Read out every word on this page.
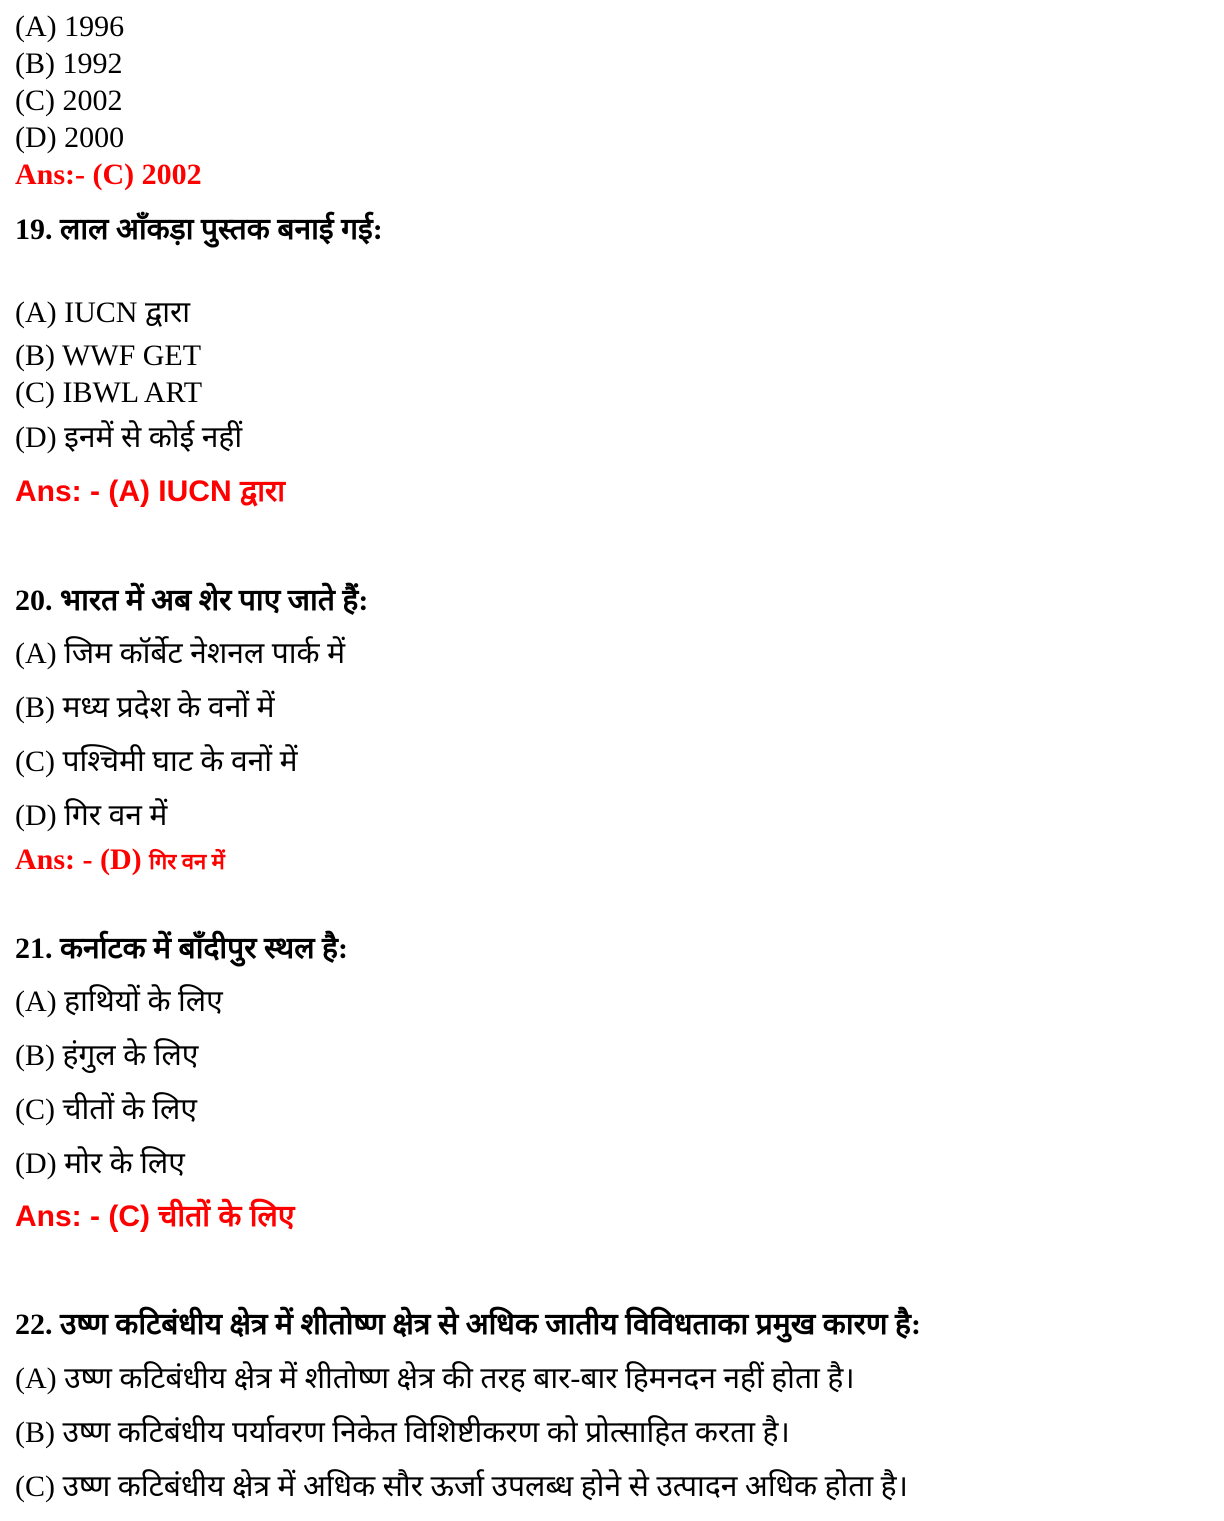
(A) 1996
(B) 1992
(C) 2002
(D) 2000
Ans:- (C) 2002
19. लाल आँकड़ा पुस्तक बनाई गई:
(A) IUCN द्वारा
(B) WWF GET
(C) IBWL ART
(D) इनमें से कोई नहीं
Ans: - (A) IUCN द्वारा
20. भारत में अब शेर पाए जाते हैं:
(A) जिम कॉर्बेट नेशनल पार्क में
(B) मध्य प्रदेश के वनों में
(C) पश्चिमी घाट के वनों में
(D) गिर वन में
Ans: - (D) गिर वन में
21. कर्नाटक में बाँदीपुर स्थल है:
(A) हाथियों के लिए
(B) हंगुल के लिए
(C) चीतों के लिए
(D) मोर के लिए
Ans: - (C) चीतों के लिए
22. उष्ण कटिबंधीय क्षेत्र में शीतोष्ण क्षेत्र से अधिक जातीय विविधताका प्रमुख कारण है:
(A) उष्ण कटिबंधीय क्षेत्र में शीतोष्ण क्षेत्र की तरह बार-बार हिमनदन नहीं होता है।
(B) उष्ण कटिबंधीय पर्यावरण निकेत विशिष्टीकरण को प्रोत्साहित करता है।
(C) उष्ण कटिबंधीय क्षेत्र में अधिक सौर ऊर्जा उपलब्ध होने से उत्पादन अधिक होता है।
